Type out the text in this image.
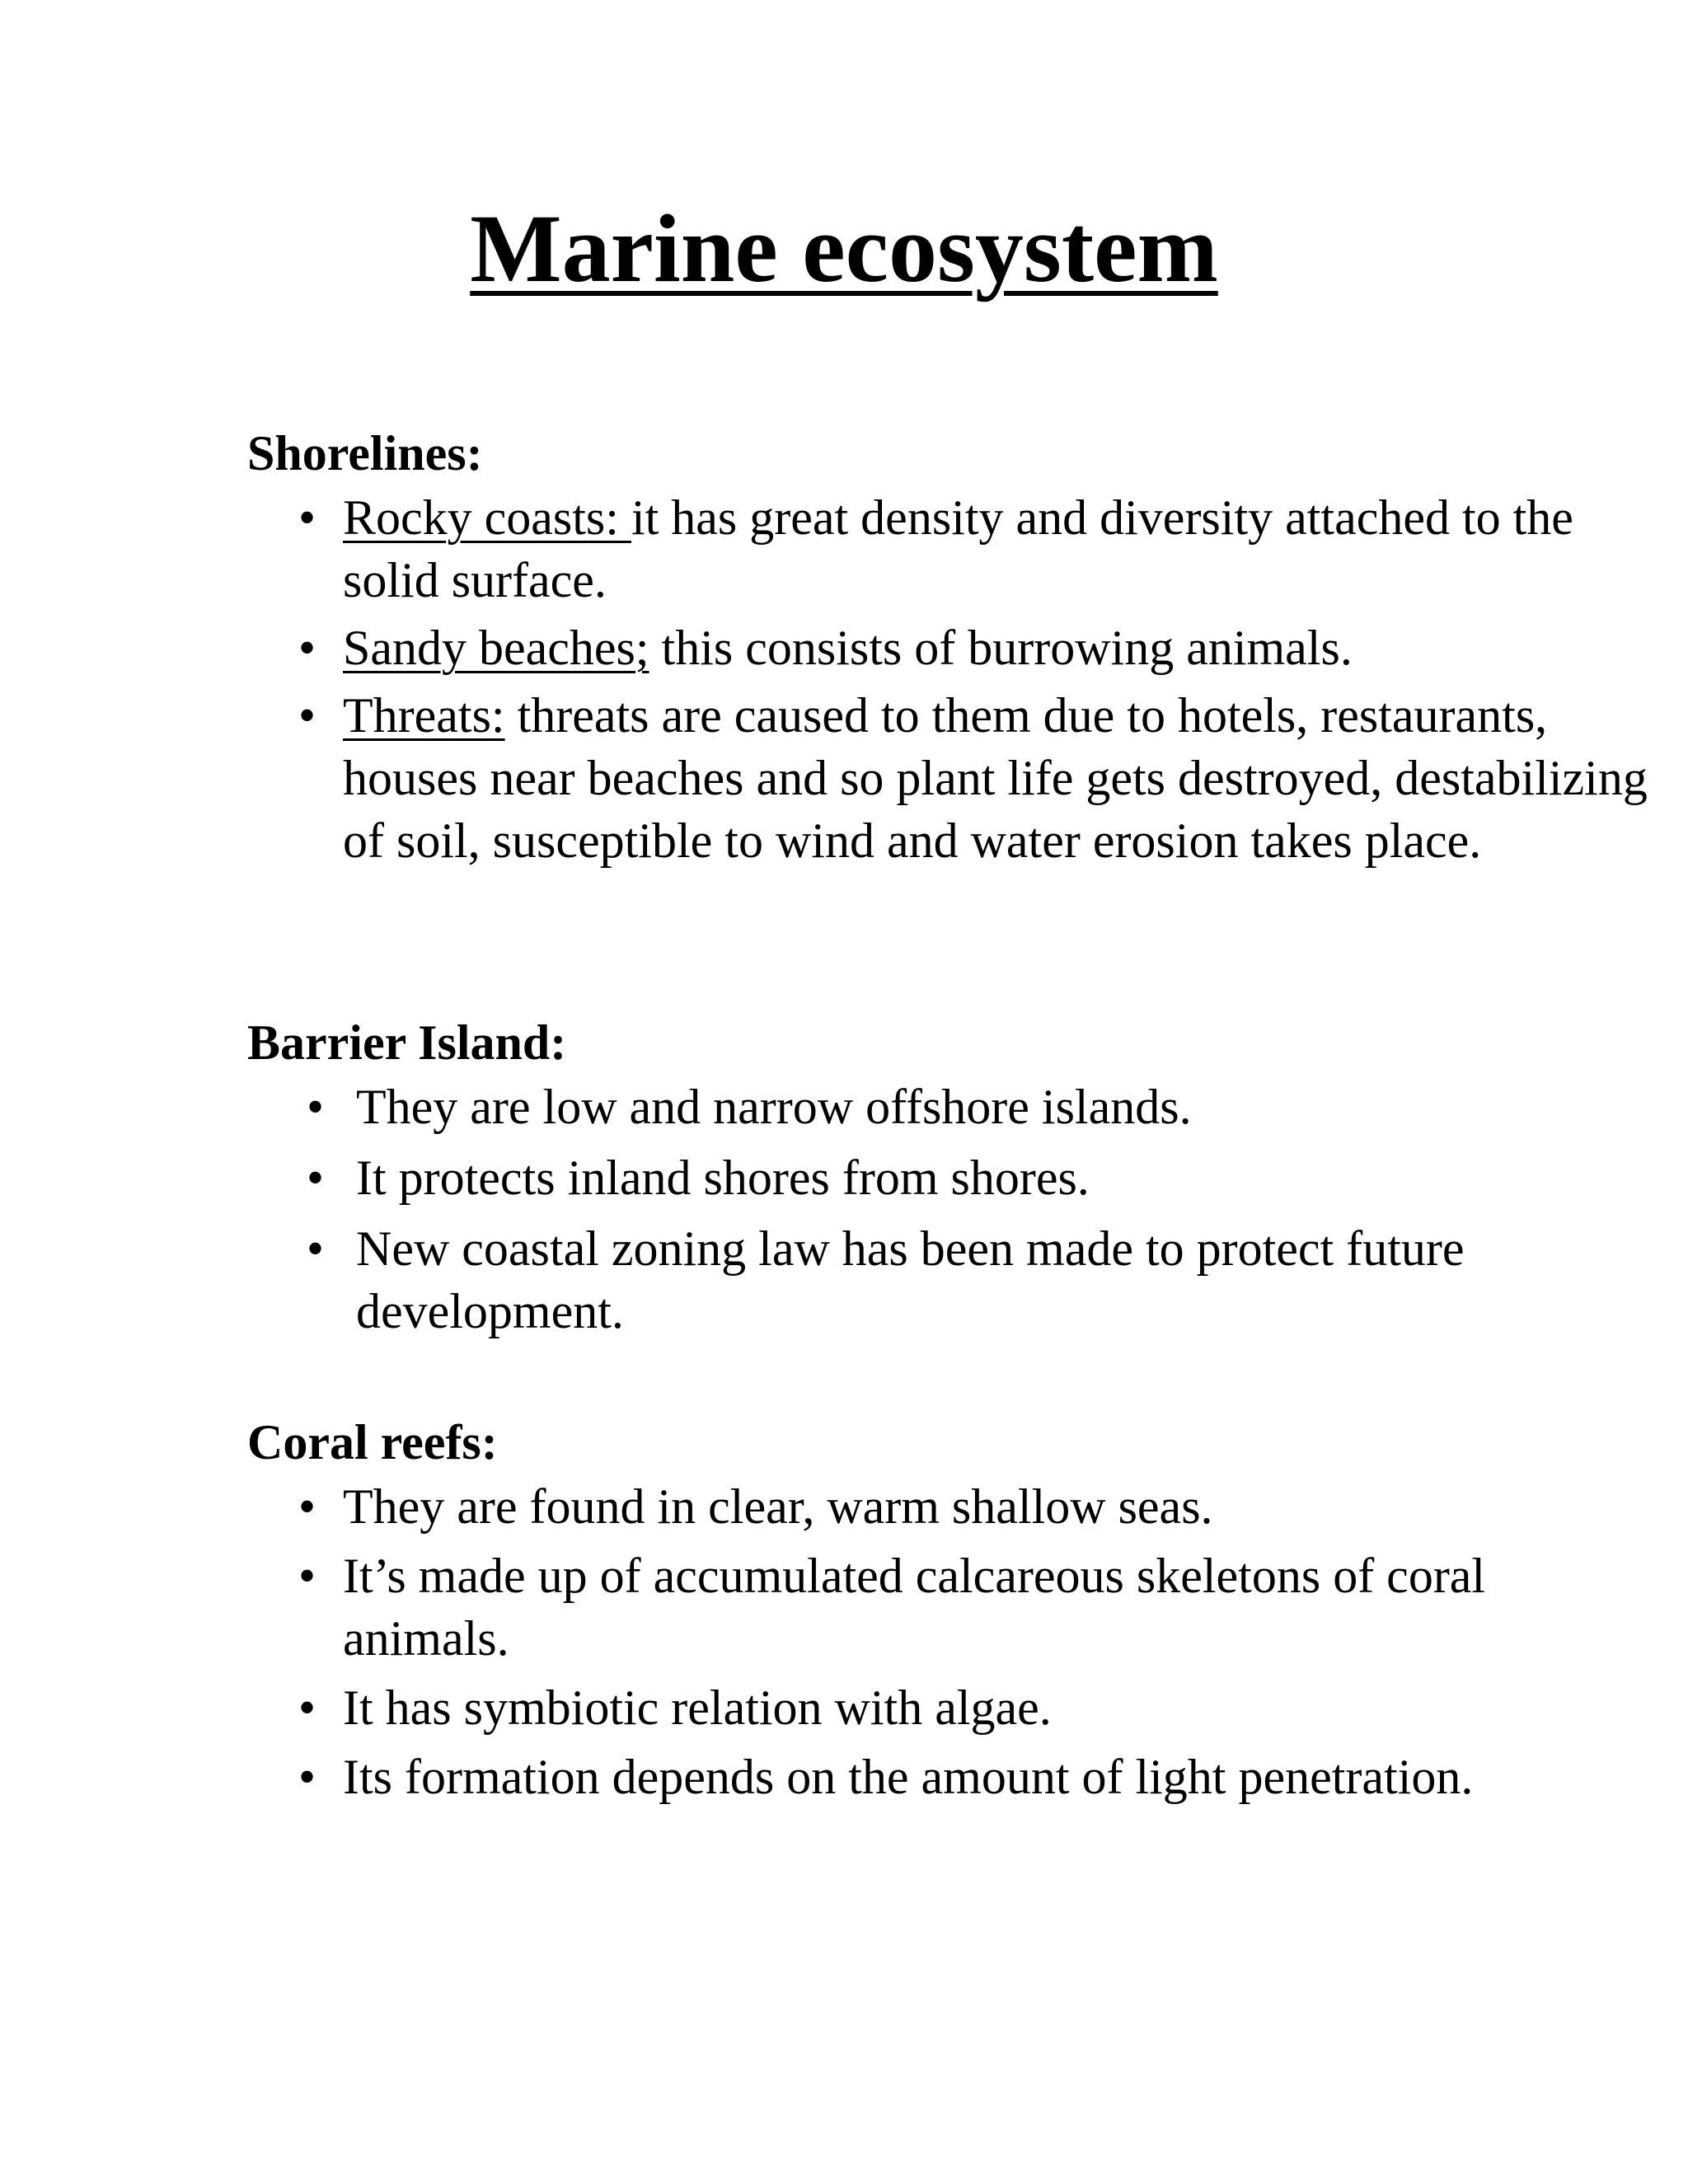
Marine ecosystem

Shorelines:

• Rocky coasts: it has great density and diversity attached to the solid surface.
• Sandy beaches; this consists of burrowing animals.
• Threats: threats are caused to them due to hotels, restaurants, houses near beaches and so plant life gets destroyed, destabilizing of soil, susceptible to wind and water erosion takes place.

Barrier Island:

• They are low and narrow offshore islands.
• It protects inland shores from shores.
• New coastal zoning law has been made to protect future development.

Coral reefs:

• They are found in clear, warm shallow seas.
• It’s made up of accumulated calcareous skeletons of coral animals.
• It has symbiotic relation with algae.
• Its formation depends on the amount of light penetration.
